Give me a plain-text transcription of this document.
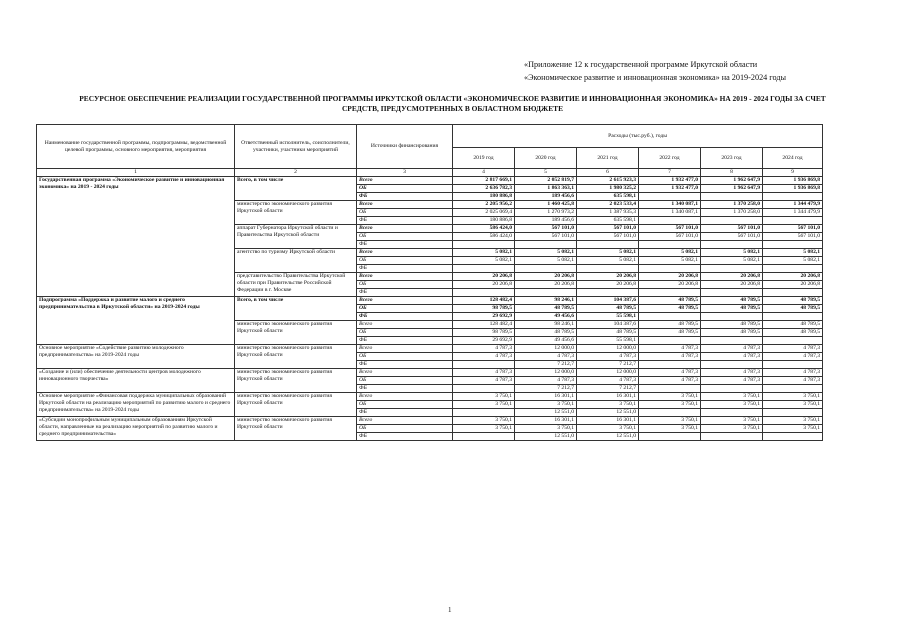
«Приложение 12 к государственной программе Иркутской области
«Экономическое развитие и инновационная экономика» на 2019-2024 годы
РЕСУРСНОЕ ОБЕСПЕЧЕНИЕ РЕАЛИЗАЦИИ ГОСУДАРСТВЕННОЙ ПРОГРАММЫ ИРКУТСКОЙ ОБЛАСТИ «ЭКОНОМИЧЕСКОЕ РАЗВИТИЕ И ИННОВАЦИОННАЯ ЭКОНОМИКА» НА 2019 - 2024 ГОДЫ ЗА СЧЕТ
СРЕДСТВ, ПРЕДУСМОТРЕННЫХ В ОБЛАСТНОМ БЮДЖЕТЕ
Наименование государственной программы, подпрограммы, ведомственной целевой программы, основного мероприятия, мероприятия	Ответственный исполнитель, соисполнители, участники, участники мероприятий	Источники финансирования	Расходы (тыс.руб.), годы					
			2019 год	2020 год	2021 год	2022 год	2023 год	2024 год
1	2	3	4	5	6	7	8	9
Государственная программа «Экономическое развитие и инновационная экономика» на 2019 - 2024 годы	Всего, в том числе	Всего	2 817 669,1	2 052 819,7	2 615 923,3	1 932 477,0	1 962 647,9	1 936 869,8
		ОБ	2 636 782,3	1 863 363,1	1 980 325,2	1 932 477,0	1 962 647,9	1 936 869,8
		ФБ	180 886,8	189 456,6	635 598,1			
	министерство экономического развития Иркутской области	Всего	2 205 956,2	1 460 425,8	2 023 533,4	1 340 087,1	1 370 258,0	1 344 479,9
		ОБ	2 025 069,4	1 270 973,2	1 387 935,3	1 340 087,1	1 370 258,0	1 344 479,9
		ФБ	180 886,8	189 456,6	635 598,1			
	аппарат Губернатора Иркутской области и Правительства Иркутской области	Всего	586 424,0	567 101,0	567 101,0	567 101,0	567 101,0	567 101,0
		ОБ	586 424,0	567 101,0	567 101,0	567 101,0	567 101,0	567 101,0
		ФБ						
	агентство по туризму Иркутской области	Всего	5 082,1	5 082,1	5 082,1	5 082,1	5 082,1	5 082,1
		ОБ	5 082,1	5 082,1	5 082,1	5 082,1	5 082,1	5 082,1
		ФБ						
	представительство Правительства Иркутской области при Правительстве Российской Федерации в г. Москве	Всего	20 206,8	20 206,8	20 206,8	20 206,8	20 206,8	20 206,8
		ОБ	20 206,8	20 206,8	20 206,8	20 206,8	20 206,8	20 206,8
		ФБ						
Подпрограмма «Поддержка и развитие малого и среднего предпринимательства в Иркутской области» на 2019-2024 годы	Всего, в том числе	Всего	128 482,4	98 246,1	104 387,6	48 789,5	48 789,5	48 789,5
		ОБ	98 789,5	48 789,5	48 789,5	48 789,5	48 789,5	48 789,5
		ФБ	29 692,9	49 456,6	55 598,1			
	министерство экономического развития Иркутской области	Всего	128 482,4	98 246,1	104 387,6	48 789,5	48 789,5	48 789,5
		ОБ	98 789,5	48 789,5	48 789,5	48 789,5	48 789,5	48 789,5
		ФБ	29 692,9	49 456,6	55 598,1			
Основное мероприятие «Содействие развитию молодежного предпринимательства» на 2019-2024 годы	министерство экономического развития Иркутской области	Всего	4 787,3	12 000,0	12 000,0	4 787,3	4 787,3	4 787,3
		ОБ	4 787,3	4 787,3	4 787,3	4 787,3	4 787,3	4 787,3
		ФБ		7 212,7	7 212,7			
«Создание и (или) обеспечение деятельности центров молодежного инновационного творчества»	министерство экономического развития Иркутской области	Всего	4 787,3	12 000,0	12 000,0	4 787,3	4 787,3	4 787,3
		ОБ	4 787,3	4 787,3	4 787,3	4 787,3	4 787,3	4 787,3
		ФБ		7 212,7	7 212,7			
Основное мероприятие «Финансовая поддержка муниципальных образований Иркутской области на реализацию мероприятий по развитию малого и среднего предпринимательства» на 2019-2024 годы	министерство экономического развития Иркутской области	Всего	3 750,1	16 301,1	16 301,1	3 750,1	3 750,1	3 750,1
		ОБ	3 750,1	3 750,1	3 750,1	3 750,1	3 750,1	3 750,1
		ФБ		12 551,0	12 551,0			
«Субсидии монопрофильным муниципальным образованиям Иркутской области, направленные на реализацию мероприятий по развитию малого и среднего предпринимательства»	министерство экономического развития Иркутской области	Всего	3 750,1	16 301,1	16 301,1	3 750,1	3 750,1	3 750,1
		ОБ	3 750,1	3 750,1	3 750,1	3 750,1	3 750,1	3 750,1
		ФБ		12 551,0	12 551,0			
1
